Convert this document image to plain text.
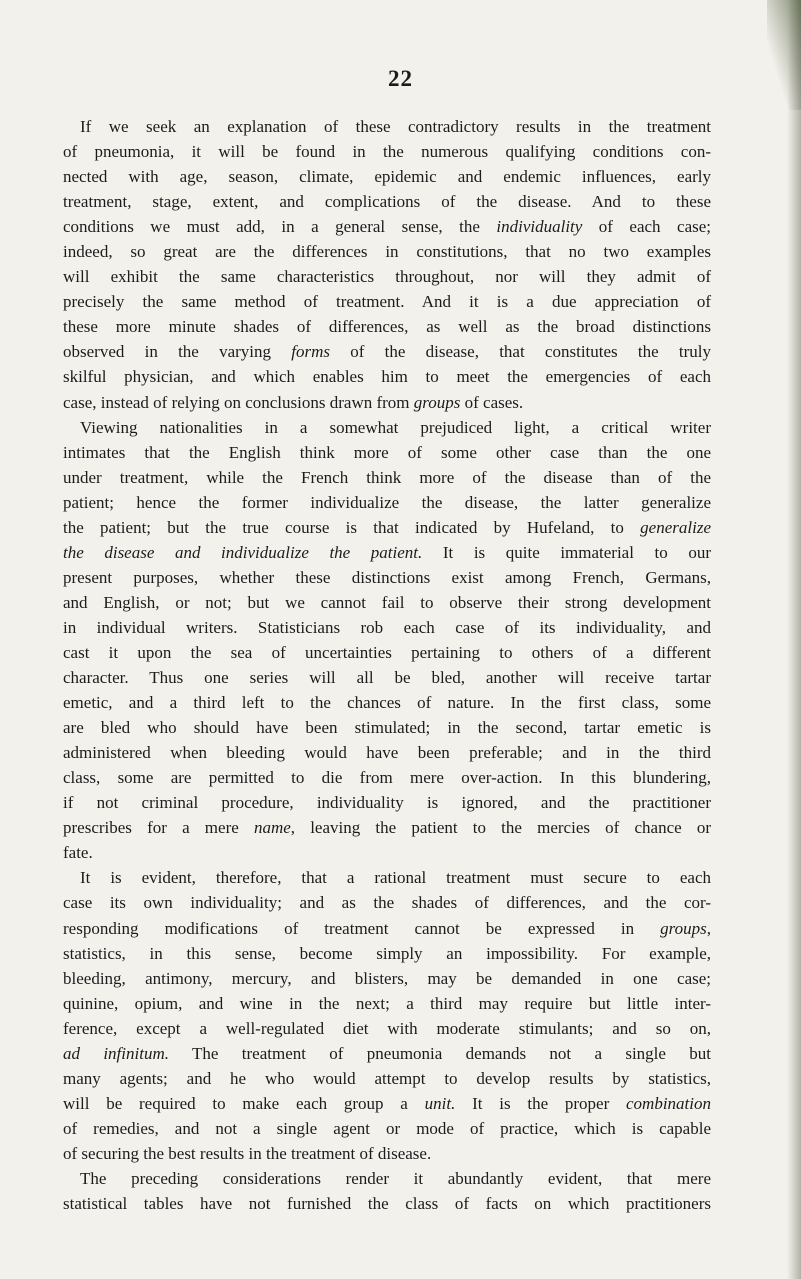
22
If we seek an explanation of these contradictory results in the treatment
of pneumonia, it will be found in the numerous qualifying conditions con-
nected with age, season, climate, epidemic and endemic influences, early
treatment, stage, extent, and complications of the disease. And to these
conditions we must add, in a general sense, the individuality of each case;
indeed, so great are the differences in constitutions, that no two examples
will exhibit the same characteristics throughout, nor will they admit of
precisely the same method of treatment. And it is a due appreciation of
these more minute shades of differences, as well as the broad distinctions
observed in the varying forms of the disease, that constitutes the truly
skilful physician, and which enables him to meet the emergencies of each
case, instead of relying on conclusions drawn from groups of cases.
Viewing nationalities in a somewhat prejudiced light, a critical writer
intimates that the English think more of some other case than the one
under treatment, while the French think more of the disease than of the
patient; hence the former individualize the disease, the latter generalize
the patient; but the true course is that indicated by Hufeland, to generalize
the disease and individualize the patient. It is quite immaterial to our
present purposes, whether these distinctions exist among French, Germans,
and English, or not; but we cannot fail to observe their strong development
in individual writers. Statisticians rob each case of its individuality, and
cast it upon the sea of uncertainties pertaining to others of a different
character. Thus one series will all be bled, another will receive tartar
emetic, and a third left to the chances of nature. In the first class, some
are bled who should have been stimulated; in the second, tartar emetic is
administered when bleeding would have been preferable; and in the third
class, some are permitted to die from mere over-action. In this blundering,
if not criminal procedure, individuality is ignored, and the practitioner
prescribes for a mere name, leaving the patient to the mercies of chance or
fate.
It is evident, therefore, that a rational treatment must secure to each
case its own individuality; and as the shades of differences, and the cor-
responding modifications of treatment cannot be expressed in groups,
statistics, in this sense, become simply an impossibility. For example,
bleeding, antimony, mercury, and blisters, may be demanded in one case;
quinine, opium, and wine in the next; a third may require but little inter-
ference, except a well-regulated diet with moderate stimulants; and so on,
ad infinitum. The treatment of pneumonia demands not a single but
many agents; and he who would attempt to develop results by statistics,
will be required to make each group a unit. It is the proper combination
of remedies, and not a single agent or mode of practice, which is capable
of securing the best results in the treatment of disease.
The preceding considerations render it abundantly evident, that mere
statistical tables have not furnished the class of facts on which practitioners
